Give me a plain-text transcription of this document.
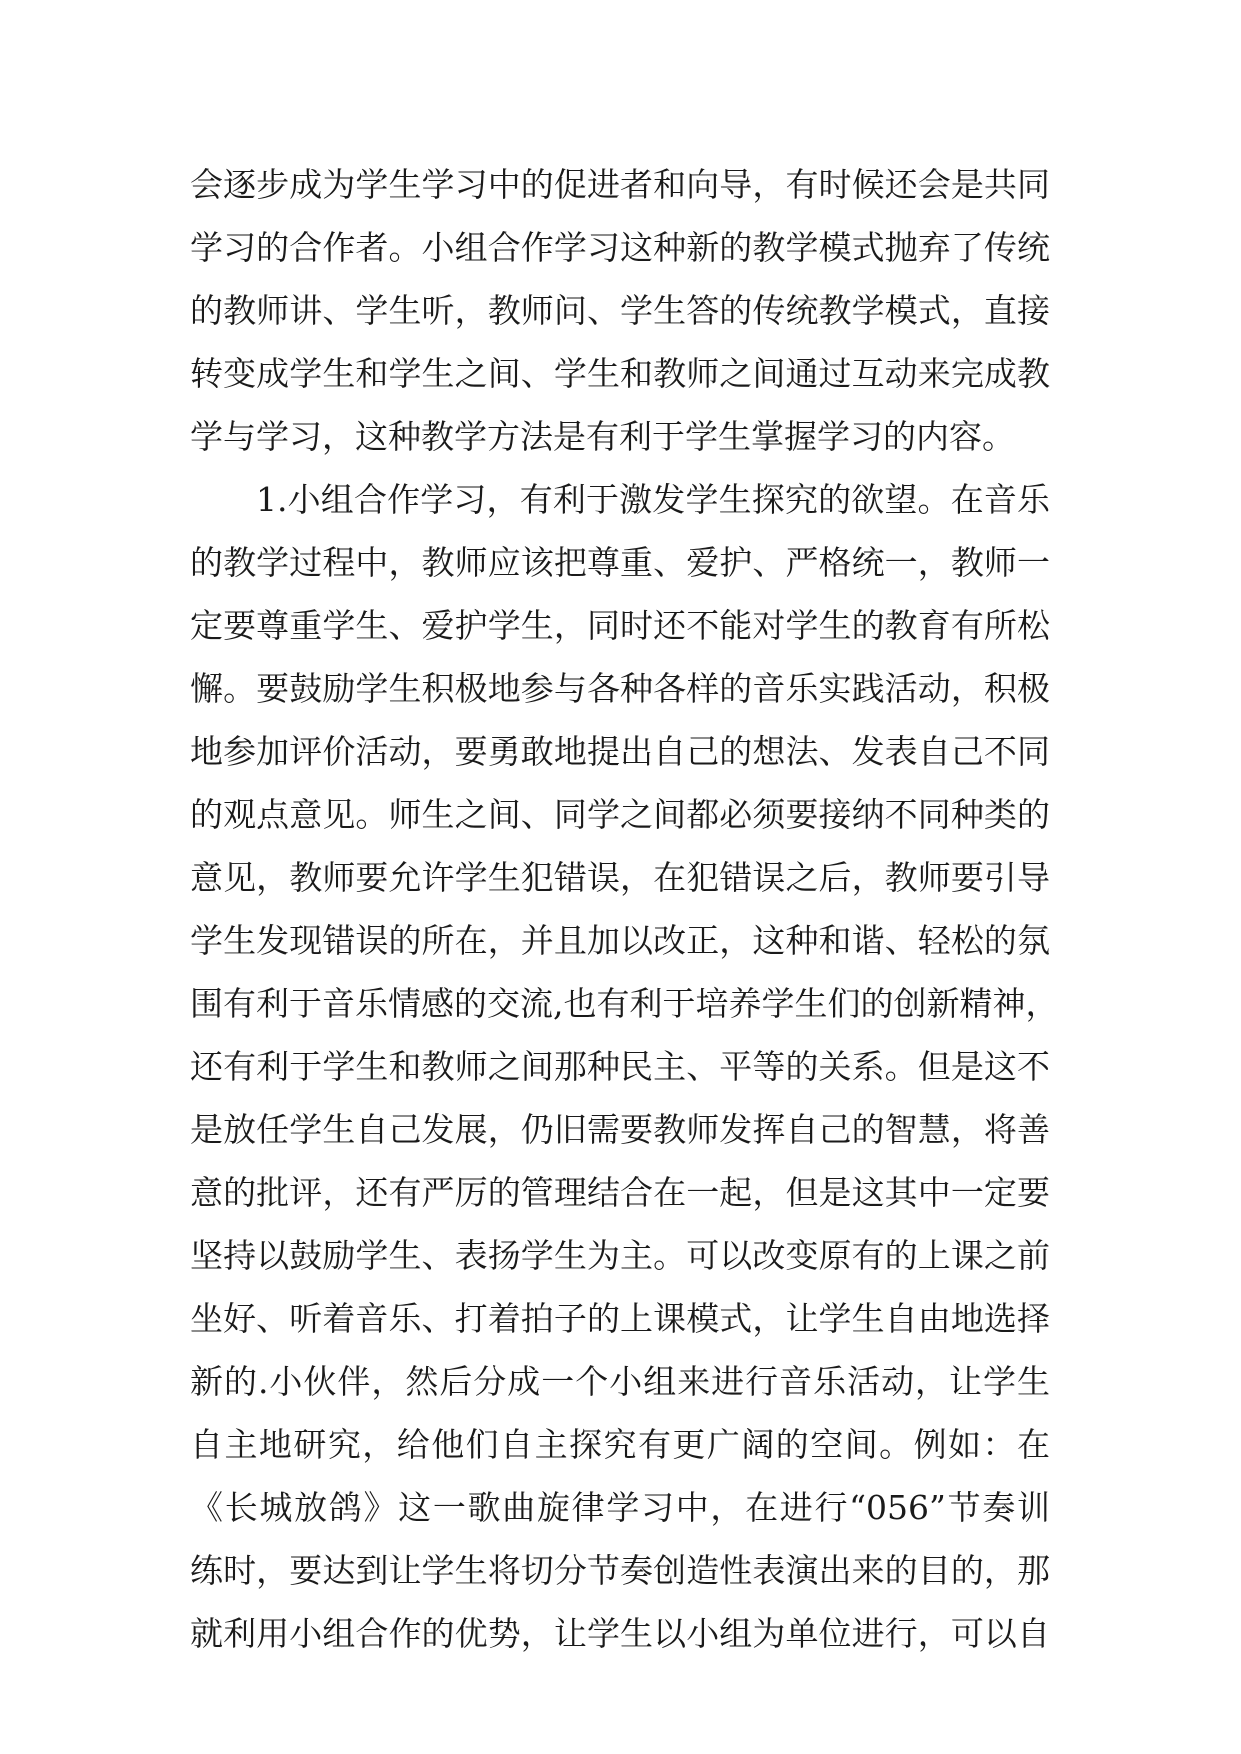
会逐步成为学生学习中的促进者和向导，有时候还会是共同
学习的合作者。小组合作学习这种新的教学模式抛弃了传统
的教师讲、学生听，教师问、学生答的传统教学模式，直接
转变成学生和学生之间、学生和教师之间通过互动来完成教
学与学习，这种教学方法是有利于学生掌握学习的内容。
1.小组合作学习，有利于激发学生探究的欲望。在音乐
的教学过程中，教师应该把尊重、爱护、严格统一，教师一
定要尊重学生、爱护学生，同时还不能对学生的教育有所松
懈。要鼓励学生积极地参与各种各样的音乐实践活动，积极
地参加评价活动，要勇敢地提出自己的想法、发表自己不同
的观点意见。师生之间、同学之间都必须要接纳不同种类的
意见，教师要允许学生犯错误，在犯错误之后，教师要引导
学生发现错误的所在，并且加以改正，这种和谐、轻松的氛
围有利于音乐情感的交流,也有利于培养学生们的创新精神，
还有利于学生和教师之间那种民主、平等的关系。但是这不
是放任学生自己发展，仍旧需要教师发挥自己的智慧，将善
意的批评，还有严厉的管理结合在一起，但是这其中一定要
坚持以鼓励学生、表扬学生为主。可以改变原有的上课之前
坐好、听着音乐、打着拍子的上课模式，让学生自由地选择
新的.小伙伴，然后分成一个小组来进行音乐活动，让学生
自主地研究，给他们自主探究有更广阔的空间。例如：在
《长城放鸽》这一歌曲旋律学习中，在进行“056”节奏训
练时，要达到让学生将切分节奏创造性表演出来的目的，那
就利用小组合作的优势，让学生以小组为单位进行，可以自
